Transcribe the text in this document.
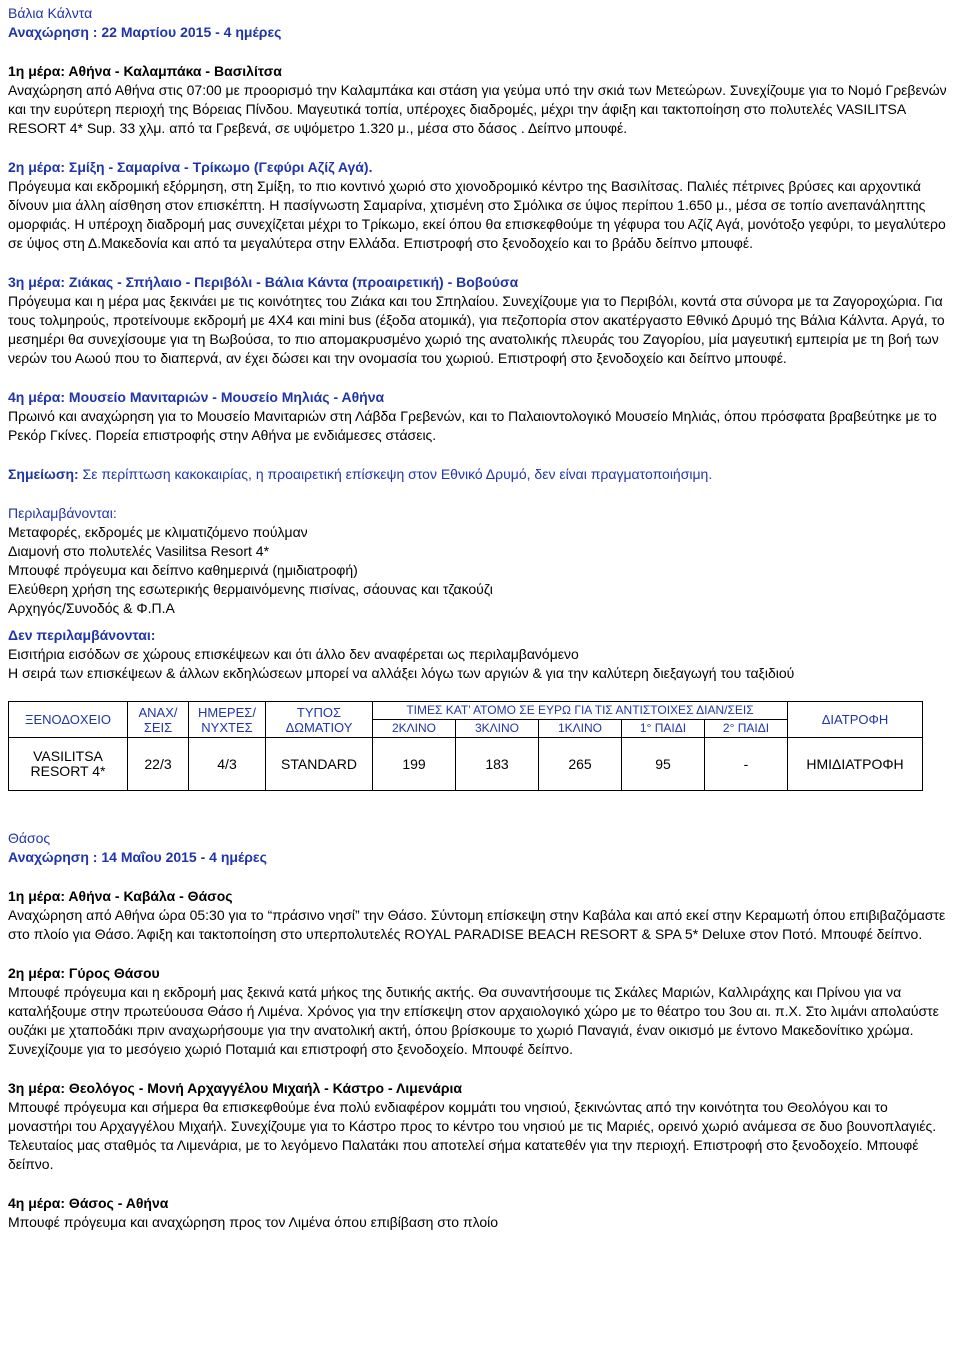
Βάλια Κάλντα
Αναχώρηση : 22 Μαρτίου 2015 - 4 ημέρες
1η μέρα: Αθήνα - Καλαμπάκα - Βασιλίτσα
Αναχώρηση από Αθήνα στις 07:00 με προορισμό την Καλαμπάκα και στάση για γεύμα υπό την σκιά των Μετεώρων. Συνεχίζουμε για το Νομό Γρεβενών και την ευρύτερη περιοχή της Βόρειας Πίνδου. Μαγευτικά τοπία, υπέροχες διαδρομές, μέχρι την άφιξη και τακτοποίηση στο πολυτελές VASILITSA RESORT 4* Sup. 33 χλμ. από τα Γρεβενά, σε υψόμετρο 1.320 μ., μέσα στο δάσος . Δείπνο μπουφέ.
2η μέρα: Σμίξη - Σαμαρίνα - Τρίκωμο (Γεφύρι Αζίζ Αγά).
Πρόγευμα και εκδρομική εξόρμηση, στη Σμίξη, το πιο κοντινό χωριό στο χιονοδρομικό κέντρο της Βασιλίτσας. Παλιές πέτρινες βρύσες και αρχοντικά δίνουν μια άλλη αίσθηση στον επισκέπτη. Η πασίγνωστη Σαμαρίνα, χτισμένη στο Σμόλικα σε ύψος περίπου 1.650 μ., μέσα σε τοπίο ανεπανάληπτης ομορφιάς. Η υπέροχη διαδρομή μας συνεχίζεται μέχρι το Τρίκωμο, εκεί όπου θα επισκεφθούμε τη γέφυρα του Αζίζ Αγά, μονότοξο γεφύρι, το μεγαλύτερο σε ύψος στη Δ.Μακεδονία και από τα μεγαλύτερα στην Ελλάδα. Επιστροφή στο ξενοδοχείο και το βράδυ δείπνο μπουφέ.
3η μέρα: Ζιάκας - Σπήλαιο - Περιβόλι - Βάλια Κάντα (προαιρετική) - Βοβούσα
Πρόγευμα και η μέρα μας ξεκινάει με τις κοινότητες του Ζιάκα και του Σπηλαίου. Συνεχίζουμε για το Περιβόλι, κοντά στα σύνορα με τα Ζαγοροχώρια. Για τους τολμηρούς, προτείνουμε εκδρομή με 4Χ4 και mini bus (έξοδα ατομικά), για πεζοπορία στον ακατέργαστο Εθνικό Δρυμό της Βάλια Κάλντα. Αργά, το μεσημέρι θα συνεχίσουμε για τη Βωβούσα, το πιο απομακρυσμένο χωριό της ανατολικής πλευράς του Ζαγορίου, μία μαγευτική εμπειρία με τη βοή των νερών του Αωού που το διαπερνά, αν έχει δώσει και την ονομασία του χωριού. Επιστροφή στο ξενοδοχείο και δείπνο μπουφέ.
4η μέρα: Μουσείο Μανιταριών - Μουσείο Μηλιάς - Αθήνα
Πρωινό και αναχώρηση για το Μουσείο Μανιταριών στη Λάβδα Γρεβενών, και το Παλαιοντολογικό Μουσείο Μηλιάς, όπου πρόσφατα βραβεύτηκε με το Ρεκόρ Γκίνες. Πορεία επιστροφής στην Αθήνα με ενδιάμεσες στάσεις.
Σημείωση: Σε περίπτωση κακοκαιρίας, η προαιρετική επίσκεψη στον Εθνικό Δρυμό, δεν είναι πραγματοποιήσιμη.
Περιλαμβάνονται:
Μεταφορές, εκδρομές με κλιματιζόμενο πούλμαν
Διαμονή στο πολυτελές Vasilitsa Resort 4*
Μπουφέ πρόγευμα και δείπνο καθημερινά (ημιδιατροφή)
Ελεύθερη χρήση της εσωτερικής θερμαινόμενης πισίνας, σάουνας και τζακούζι
Αρχηγός/Συνοδός & Φ.Π.Α
Δεν περιλαμβάνονται:
Εισιτήρια εισόδων σε χώρους επισκέψεων και ότι άλλο δεν αναφέρεται ως περιλαμβανόμενο
Η σειρά των επισκέψεων & άλλων εκδηλώσεων μπορεί να αλλάξει λόγω των αργιών & για την καλύτερη διεξαγωγή του ταξιδιού
ΞΕΝΟΔΟΧΕΙΟ	ΑΝΑΧ/ ΣΕΙΣ	ΗΜΕΡΕΣ/ ΝΥΧΤΕΣ	ΤΥΠΟΣ ΔΩΜΑΤΙΟΥ	ΤΙΜΕΣ ΚΑΤ’ ΑΤΟΜΟ ΣΕ ΕΥΡΩ ΓΙΑ ΤΙΣ ΑΝΤΙΣΤΟΙΧΕΣ ΔΙΑΝ/ΣΕΙΣ					ΔΙΑΤΡΟΦΗ
				2ΚΛΙΝΟ	3ΚΛΙΝΟ	1ΚΛΙΝΟ	1° ΠΑΙΔΙ	2° ΠΑΙΔΙ	
VASILITSA RESORT 4*	22/3	4/3	STANDARD	199	183	265	95	-	ΗΜΙΔΙΑΤΡΟΦΗ
Θάσος
Αναχώρηση : 14 Μαΐου 2015 - 4 ημέρες
1η μέρα: Αθήνα - Καβάλα - Θάσος
Αναχώρηση από Αθήνα ώρα 05:30 για το “πράσινο νησί” την Θάσο. Σύντομη επίσκεψη στην Καβάλα και από εκεί στην Κεραμωτή όπου επιβιβαζόμαστε στο πλοίο για Θάσο. Άφιξη και τακτοποίηση στο υπερπολυτελές ROYAL PARADISE BEACH RESORT & SPA 5* Deluxe στον Ποτό. Μπουφέ δείπνο.
2η μέρα: Γύρος Θάσου
Μπουφέ πρόγευμα και η εκδρομή μας ξεκινά κατά μήκος της δυτικής ακτής. Θα συναντήσουμε τις Σκάλες Μαριών, Καλλιράχης και Πρίνου για να καταλήξουμε στην πρωτεύουσα Θάσο ή Λιμένα. Χρόνος για την επίσκεψη στον αρχαιολογικό χώρο με το θέατρο του 3ου αι. π.Χ. Στο λιμάνι απολαύστε ουζάκι με χταποδάκι πριν αναχωρήσουμε για την ανατολική ακτή, όπου βρίσκουμε το χωριό Παναγιά, έναν οικισμό με έντονο Μακεδονίτικο χρώμα. Συνεχίζουμε για το μεσόγειο χωριό Ποταμιά και επιστροφή στο ξενοδοχείο. Μπουφέ δείπνο.
3η μέρα: Θεολόγος - Μονή Αρχαγγέλου Μιχαήλ - Κάστρο - Λιμενάρια
Μπουφέ πρόγευμα και σήμερα θα επισκεφθούμε ένα πολύ ενδιαφέρον κομμάτι του νησιού, ξεκινώντας από την κοινότητα του Θεολόγου και το μοναστήρι του Αρχαγγέλου Μιχαήλ. Συνεχίζουμε για το Κάστρο προς το κέντρο του νησιού με τις Μαριές, ορεινό χωριό ανάμεσα σε δυο βουνοπλαγιές. Τελευταίος μας σταθμός τα Λιμενάρια, με το λεγόμενο Παλατάκι που αποτελεί σήμα κατατεθέν για την περιοχή. Επιστροφή στο ξενοδοχείο. Μπουφέ δείπνο.
4η μέρα: Θάσος - Αθήνα
Μπουφέ πρόγευμα και αναχώρηση προς τον Λιμένα όπου επιβίβαση στο πλοίο
